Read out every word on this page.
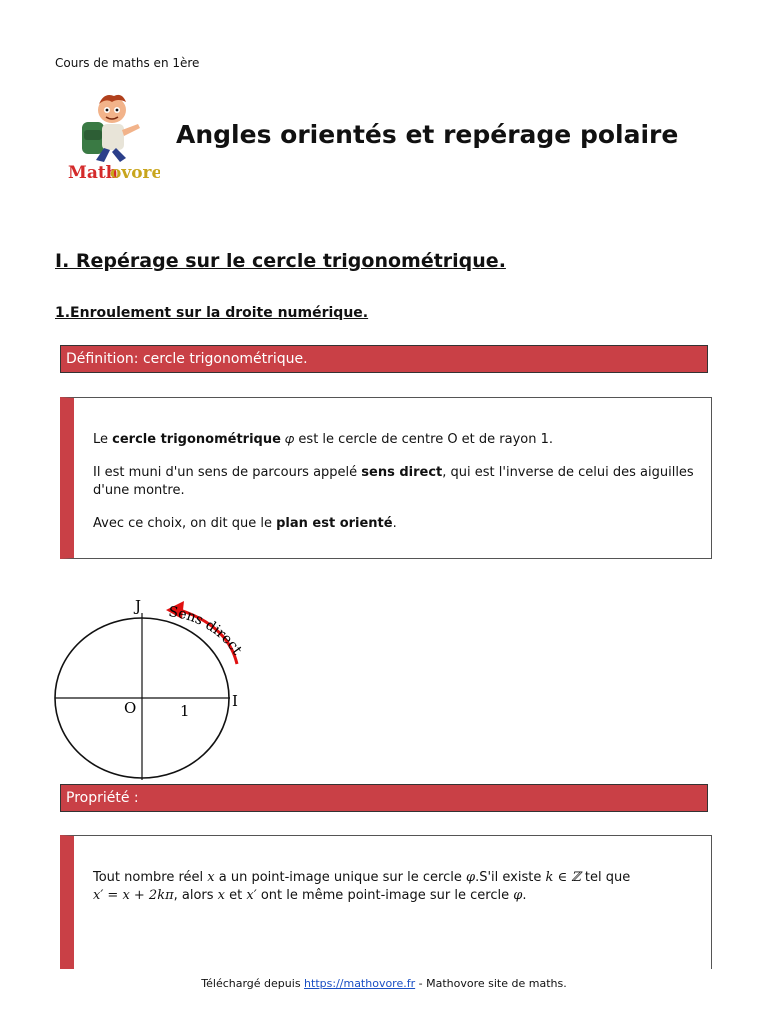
Cours de maths en 1ère
Math
ovore
Angles orientés et repérage polaire
I. Repérage sur le cercle trigonométrique.
1.Enroulement sur la droite numérique.
Définition: cercle trigonométrique.

Le cercle trigonométrique 𝜑 est le cercle de centre O et de rayon 1.

Il est muni d'un sens de parcours appelé sens direct, qui est l'inverse de celui des aiguilles d'une montre.

Avec ce choix, on dit que le plan est orienté.

J
O	1
I
Sens direct
Propriété :

Tout nombre réel x a un point-image unique sur le cercle 𝜑.S'il existe k ∈ ℤ tel que
x′ = x + 2kπ, alors x et x′ ont le même point-image sur le cercle 𝜑.

Téléchargé depuis https://mathovore.fr - Mathovore site de maths.
